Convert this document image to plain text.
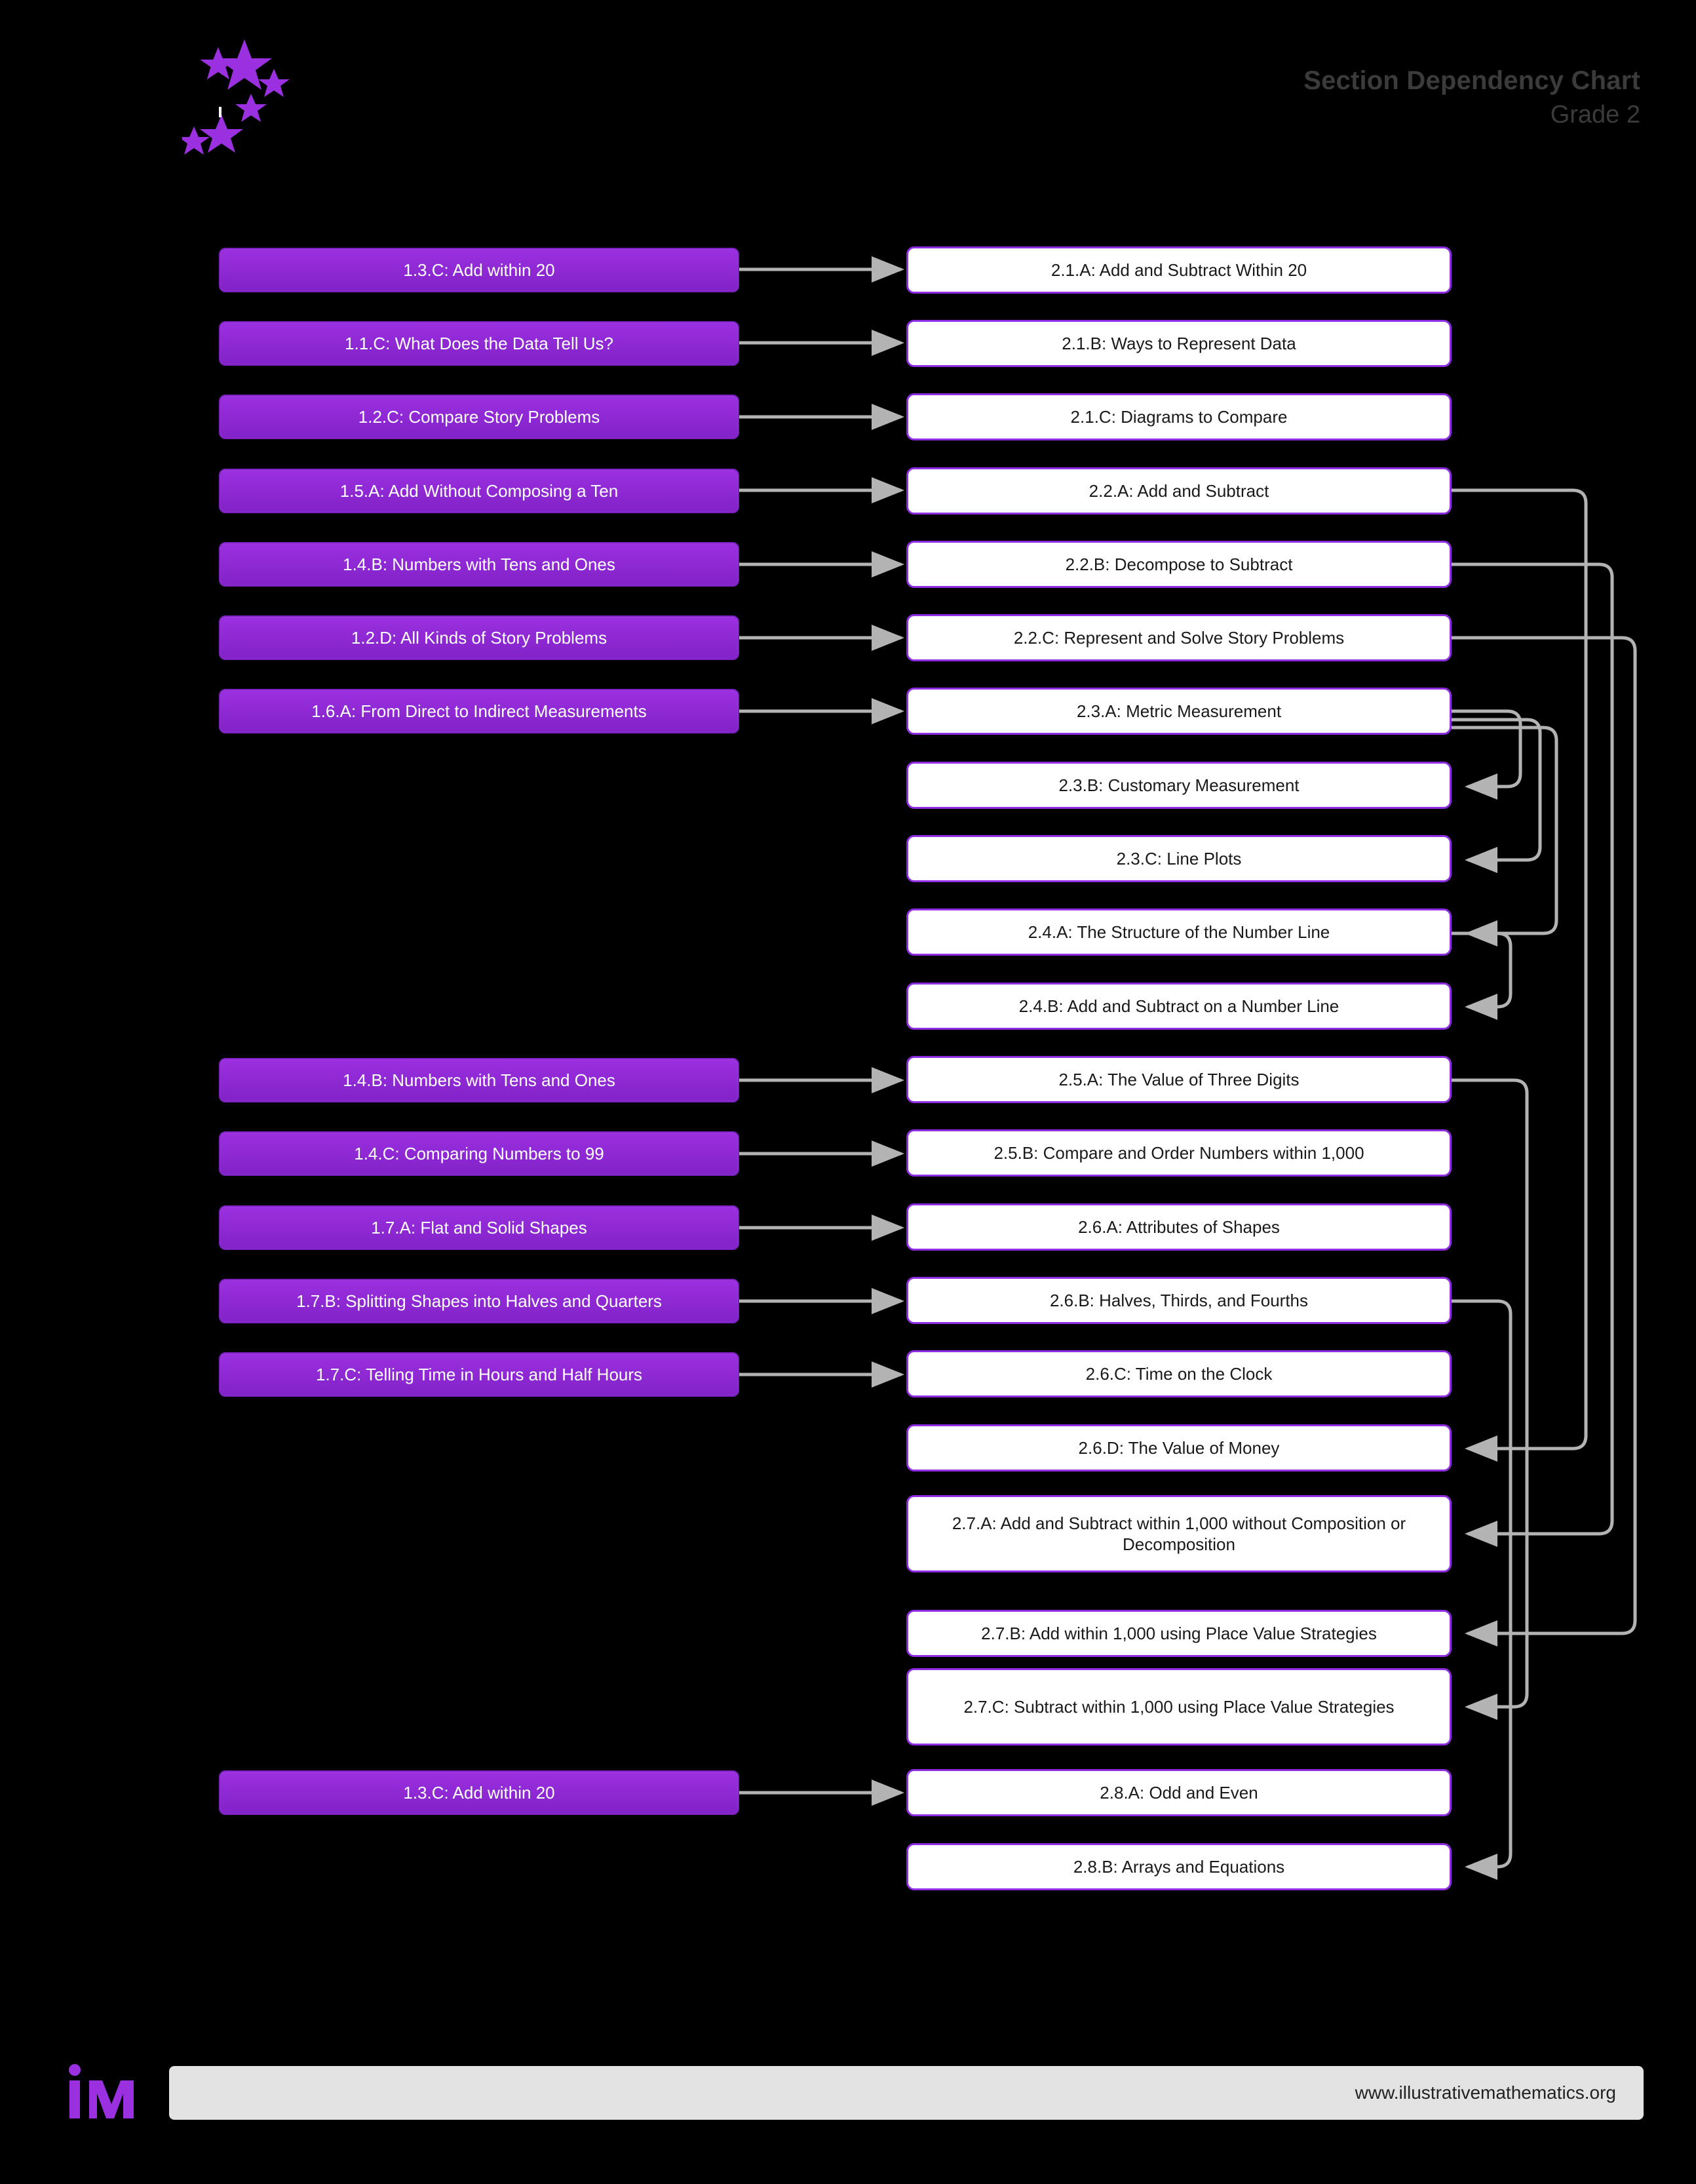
Section Dependency Chart
Grade 2
1.3.C: Add within 20
1.1.C: What Does the Data Tell Us?
1.2.C: Compare Story Problems
1.5.A: Add Without Composing a Ten
1.4.B: Numbers with Tens and Ones
1.2.D: All Kinds of Story Problems
1.6.A: From Direct to Indirect Measurements
1.4.B: Numbers with Tens and Ones
1.4.C: Comparing Numbers to 99
1.7.A: Flat and Solid Shapes
1.7.B: Splitting Shapes into Halves and Quarters
1.7.C: Telling Time in Hours and Half Hours
1.3.C: Add within 20
2.1.A: Add and Subtract Within 20
2.1.B: Ways to Represent Data
2.1.C: Diagrams to Compare
2.2.A: Add and Subtract
2.2.B: Decompose to Subtract
2.2.C: Represent and Solve Story Problems
2.3.A: Metric Measurement
2.3.B: Customary Measurement
2.3.C: Line Plots
2.4.A: The Structure of the Number Line
2.4.B: Add and Subtract on a Number Line
2.5.A: The Value of Three Digits
2.5.B: Compare and Order Numbers within 1,000
2.6.A: Attributes of Shapes
2.6.B: Halves, Thirds, and Fourths
2.6.C: Time on the Clock
2.6.D: The Value of Money
2.7.A: Add and Subtract within 1,000 without Composition or Decomposition
2.7.B: Add within 1,000 using Place Value Strategies
2.7.C: Subtract within 1,000 using Place Value Strategies
2.8.A: Odd and Even
2.8.B: Arrays and Equations
www.illustrativemathematics.org
